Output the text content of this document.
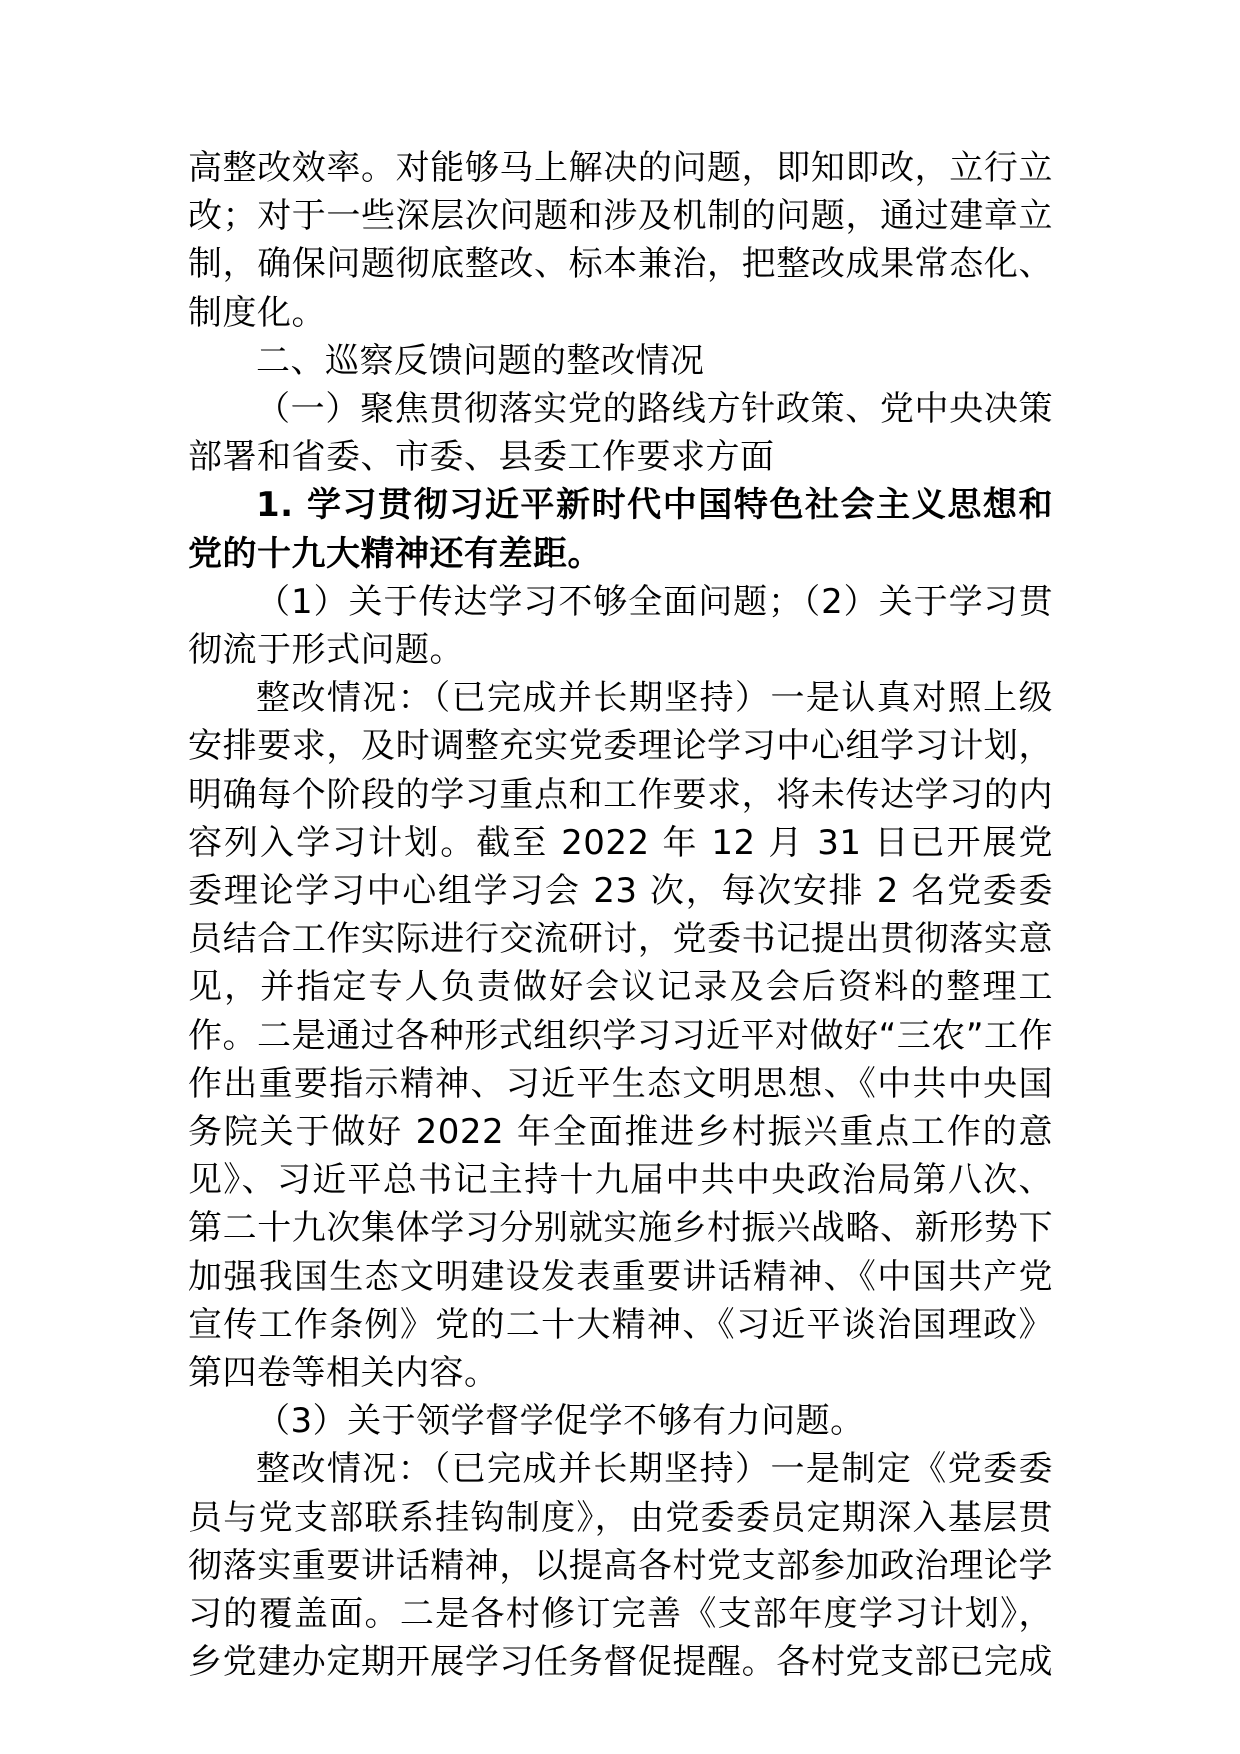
高整改效率。对能够马上解决的问题，即知即改，立行立改；对于一些深层次问题和涉及机制的问题，通过建章立制，确保问题彻底整改、标本兼治，把整改成果常态化、制度化。

二、巡察反馈问题的整改情况

（一）聚焦贯彻落实党的路线方针政策、党中央决策部署和省委、市委、县委工作要求方面

1. 学习贯彻习近平新时代中国特色社会主义思想和党的十九大精神还有差距。

（1）关于传达学习不够全面问题；（2）关于学习贯彻流于形式问题。

整改情况：（已完成并长期坚持）一是认真对照上级安排要求，及时调整充实党委理论学习中心组学习计划，明确每个阶段的学习重点和工作要求，将未传达学习的内容列入学习计划。截至 2022 年 12 月 31 日已开展党委理论学习中心组学习会 23 次，每次安排 2 名党委委员结合工作实际进行交流研讨，党委书记提出贯彻落实意见，并指定专人负责做好会议记录及会后资料的整理工作。二是通过各种形式组织学习习近平对做好“三农”工作作出重要指示精神、习近平生态文明思想、《中共中央国务院关于做好 2022 年全面推进乡村振兴重点工作的意见》、习近平总书记主持十九届中共中央政治局第八次、第二十九次集体学习分别就实施乡村振兴战略、新形势下加强我国生态文明建设发表重要讲话精神、《中国共产党宣传工作条例》党的二十大精神、《习近平谈治国理政》第四卷等相关内容。

（3）关于领学督学促学不够有力问题。

整改情况：（已完成并长期坚持）一是制定《党委委员与党支部联系挂钩制度》，由党委委员定期深入基层贯彻落实重要讲话精神，以提高各村党支部参加政治理论学习的覆盖面。二是各村修订完善《支部年度学习计划》，乡党建办定期开展学习任务督促提醒。各村党支部已完成
